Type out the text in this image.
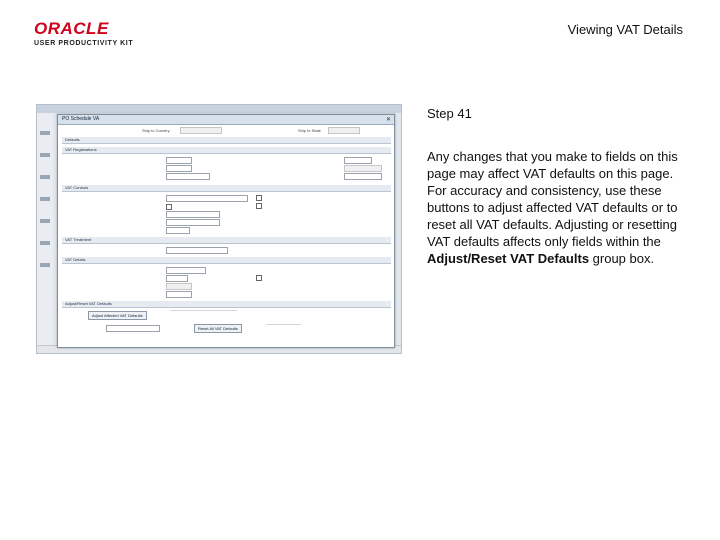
ORACLE
USER PRODUCTIVITY KIT
Viewing VAT Details
PO Schedule VA	✕
Ship to Country	Ship to State
Defaults
VAT Registrations
VAT Controls
VAT Treatment
VAT Details
Adjust/Reset VAT Defaults
Adjust Affected VAT Defaults
───────────────────────────
Reset All VAT Defaults
──────────────
Step 41
Any changes that you make to fields on this page may affect VAT defaults on this page. For accuracy and consistency, use these buttons to adjust affected VAT defaults or to reset all VAT defaults. Adjusting or resetting VAT defaults affects only fields within the Adjust/Reset VAT Defaults group box.
